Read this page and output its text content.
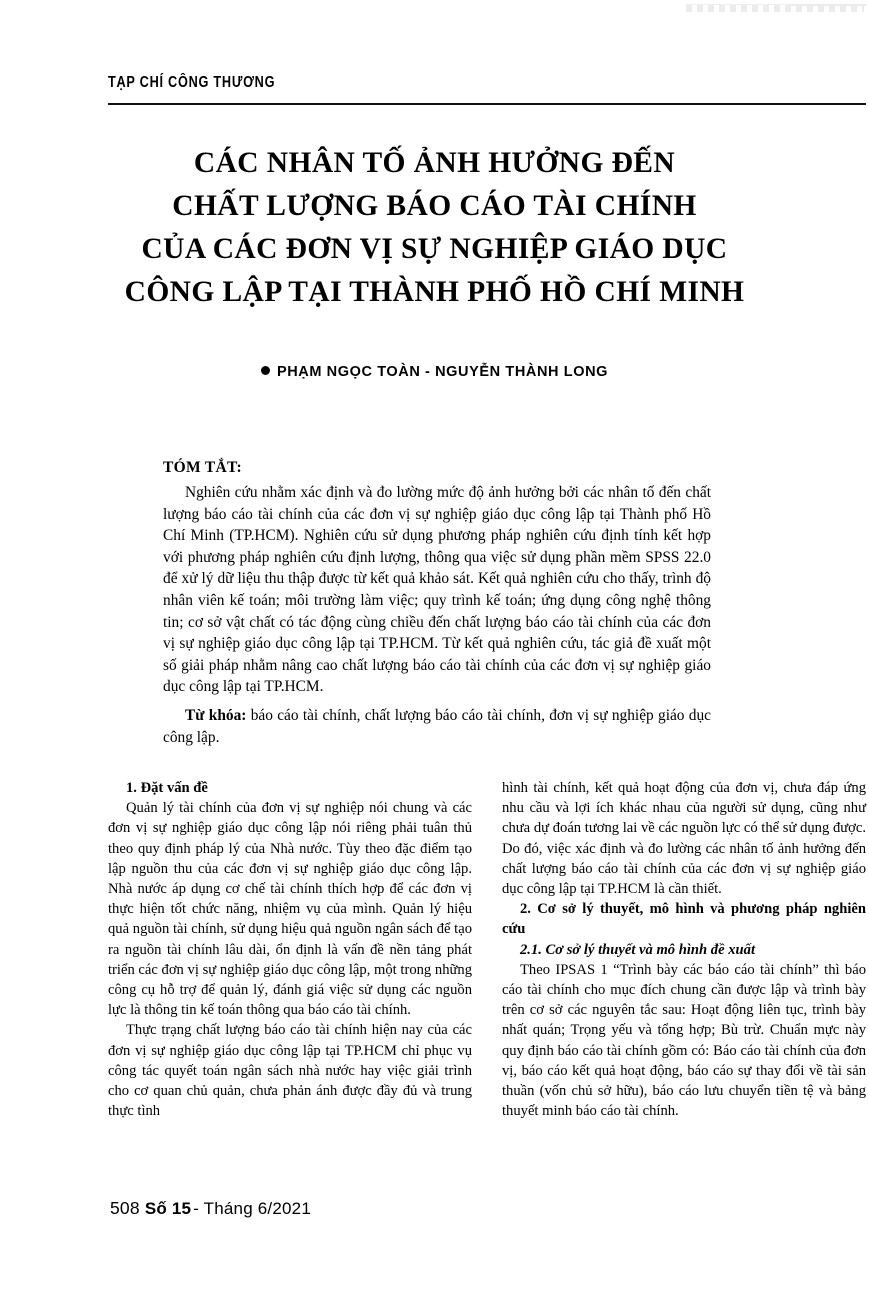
TẠP CHÍ CÔNG THƯƠNG
CÁC NHÂN TỐ ẢNH HƯỞNG ĐẾN
CHẤT LƯỢNG BÁO CÁO TÀI CHÍNH
CỦA CÁC ĐƠN VỊ SỰ NGHIỆP GIÁO DỤC
CÔNG LẬP TẠI THÀNH PHỐ HỒ CHÍ MINH
PHẠM NGỌC TOÀN - NGUYỄN THÀNH LONG
TÓM TẮT:
Nghiên cứu nhằm xác định và đo lường mức độ ảnh hưởng bởi các nhân tố đến chất lượng báo cáo tài chính của các đơn vị sự nghiệp giáo dục công lập tại Thành phố Hồ Chí Minh (TP.HCM). Nghiên cứu sử dụng phương pháp nghiên cứu định tính kết hợp với phương pháp nghiên cứu định lượng, thông qua việc sử dụng phần mềm SPSS 22.0 để xử lý dữ liệu thu thập được từ kết quả khảo sát. Kết quả nghiên cứu cho thấy, trình độ nhân viên kế toán; môi trường làm việc; quy trình kế toán; ứng dụng công nghệ thông tin; cơ sở vật chất có tác động cùng chiều đến chất lượng báo cáo tài chính của các đơn vị sự nghiệp giáo dục công lập tại TP.HCM. Từ kết quả nghiên cứu, tác giả đề xuất một số giải pháp nhằm nâng cao chất lượng báo cáo tài chính của các đơn vị sự nghiệp giáo dục công lập tại TP.HCM.
Từ khóa: báo cáo tài chính, chất lượng báo cáo tài chính, đơn vị sự nghiệp giáo dục công lập.

1. Đặt vấn đề

Quản lý tài chính của đơn vị sự nghiệp nói chung và các đơn vị sự nghiệp giáo dục công lập nói riêng phải tuân thủ theo quy định pháp lý của Nhà nước. Tùy theo đặc điểm tạo lập nguồn thu của các đơn vị sự nghiệp giáo dục công lập. Nhà nước áp dụng cơ chế tài chính thích hợp để các đơn vị thực hiện tốt chức năng, nhiệm vụ của mình. Quản lý hiệu quả nguồn tài chính, sử dụng hiệu quả nguồn ngân sách để tạo ra nguồn tài chính lâu dài, ổn định là vấn đề nền tảng phát triển các đơn vị sự nghiệp giáo dục công lập, một trong những công cụ hỗ trợ để quản lý, đánh giá việc sử dụng các nguồn lực là thông tin kế toán thông qua báo cáo tài chính.

Thực trạng chất lượng báo cáo tài chính hiện nay của các đơn vị sự nghiệp giáo dục công lập tại TP.HCM chỉ phục vụ công tác quyết toán ngân sách nhà nước hay việc giải trình cho cơ quan chủ quản, chưa phản ánh được đầy đủ và trung thực tình

hình tài chính, kết quả hoạt động của đơn vị, chưa đáp ứng nhu cầu và lợi ích khác nhau của người sử dụng, cũng như chưa dự đoán tương lai về các nguồn lực có thể sử dụng được. Do đó, việc xác định và đo lường các nhân tố ảnh hưởng đến chất lượng báo cáo tài chính của các đơn vị sự nghiệp giáo dục công lập tại TP.HCM là cần thiết.

2. Cơ sở lý thuyết, mô hình và phương pháp nghiên cứu

2.1. Cơ sở lý thuyết và mô hình đề xuất

Theo IPSAS 1 “Trình bày các báo cáo tài chính” thì báo cáo tài chính cho mục đích chung cần được lập và trình bày trên cơ sở các nguyên tắc sau: Hoạt động liên tục, trình bày nhất quán; Trọng yếu và tổng hợp; Bù trừ. Chuẩn mực này quy định báo cáo tài chính gồm có: Báo cáo tài chính của đơn vị, báo cáo kết quả hoạt động, báo cáo sự thay đổi về tài sản thuần (vốn chủ sở hữu), báo cáo lưu chuyển tiền tệ và bảng thuyết minh báo cáo tài chính.

508 Số 15 - Tháng 6/2021
